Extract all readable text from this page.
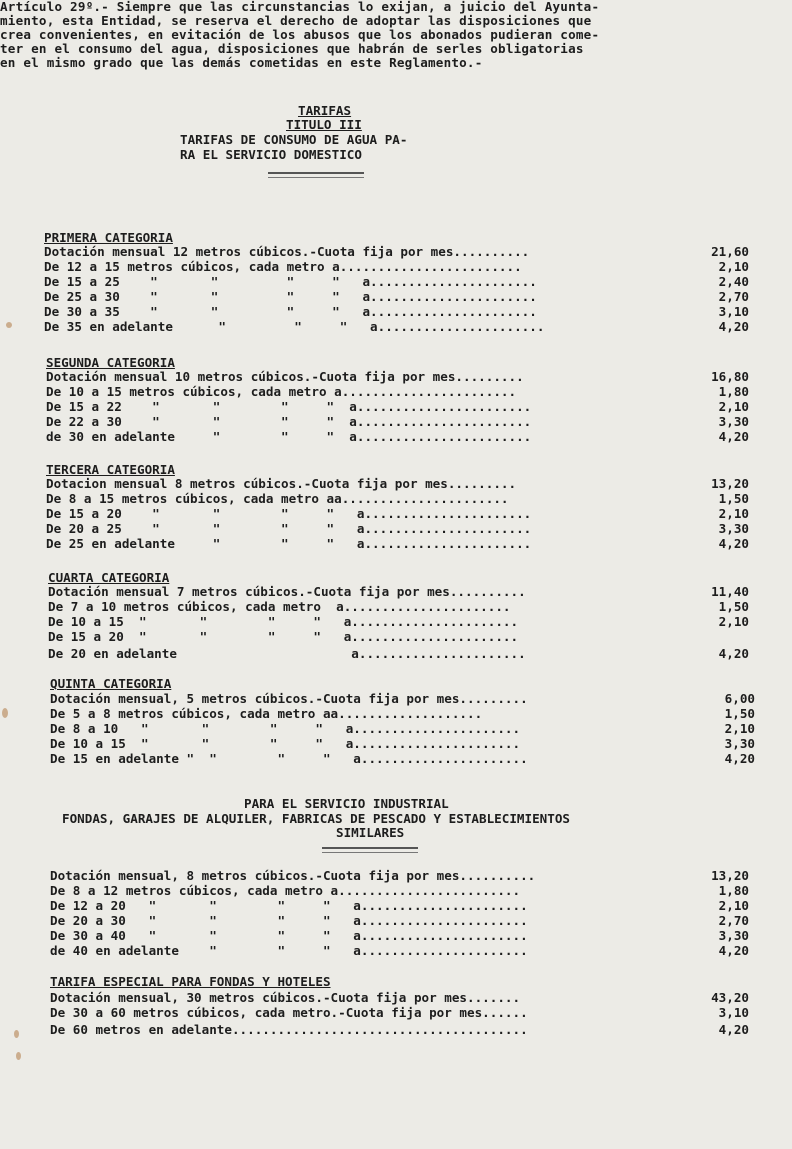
Artículo 29º.- Siempre que las circunstancias lo exijan, a juicio del Ayunta-
miento, esta Entidad, se reserva el derecho de adoptar las disposiciones que
crea convenientes, en evitación de los abusos que los abonados pudieran come-
ter en el consumo del agua, disposiciones que habrán de serles obligatorias
en el mismo grado que las demás cometidas en este Reglamento.-
TARIFAS
TITULO III
TARIFAS DE CONSUMO DE AGUA PA-
RA EL SERVICIO DOMESTICO
PRIMERA CATEGORIA
Dotación mensual 12 metros cúbicos.-Cuota fija por mes..........	21,60
De 12 a 15 metros cúbicos, cada metro a........................	2,10
De 15 a 25    "       "         "     "   a......................	2,40
De 25 a 30    "       "         "     "   a......................	2,70
De 30 a 35    "       "         "     "   a......................	3,10
De 35 en adelante      "         "     "   a......................	4,20
SEGUNDA CATEGORIA
Dotación mensual 10 metros cúbicos.-Cuota fija por mes.........	16,80
De 10 a 15 metros cúbicos, cada metro a.......................	1,80
De 15 a 22    "       "        "     "  a.......................	2,10
De 22 a 30    "       "        "     "  a.......................	3,30
de 30 en adelante     "        "     "  a.......................	4,20
TERCERA CATEGORIA
Dotacion mensual 8 metros cúbicos.-Cuota fija por mes.........	13,20
De 8 a 15 metros cúbicos, cada metro aa......................	1,50
De 15 a 20    "       "        "     "   a......................	2,10
De 20 a 25    "       "        "     "   a......................	3,30
De 25 en adelante     "        "     "   a......................	4,20
CUARTA CATEGORIA
Dotación mensual 7 metros cúbicos.-Cuota fija por mes..........	11,40
De 7 a 10 metros cúbicos, cada metro  a......................	1,50
De 10 a 15  "       "        "     "   a......................	2,10
De 15 a 20  "       "        "     "   a......................
De 20 en adelante                       a......................	4,20
QUINTA CATEGORIA
Dotación mensual, 5 metros cúbicos.-Cuota fija por mes.........	6,00
De 5 a 8 metros cúbicos, cada metro aa...................	1,50
De 8 a 10   "       "        "     "   a......................	2,10
De 10 a 15  "       "        "     "   a......................	3,30
De 15 en adelante "  "        "     "   a......................	4,20
PARA EL SERVICIO INDUSTRIAL
FONDAS, GARAJES DE ALQUILER, FABRICAS DE PESCADO Y ESTABLECIMIENTOS
SIMILARES
Dotación mensual, 8 metros cúbicos.-Cuota fija por mes..........	13,20
De 8 a 12 metros cúbicos, cada metro a........................	1,80
De 12 a 20   "       "        "     "   a......................	2,10
De 20 a 30   "       "        "     "   a......................	2,70
De 30 a 40   "       "        "     "   a......................	3,30
de 40 en adelante    "        "     "   a......................	4,20
TARIFA ESPECIAL PARA FONDAS Y HOTELES
Dotación mensual, 30 metros cúbicos.-Cuota fija por mes.......	43,20
De 30 a 60 metros cúbicos, cada metro.-Cuota fija por mes......	3,10
De 60 metros en adelante.......................................	4,20
